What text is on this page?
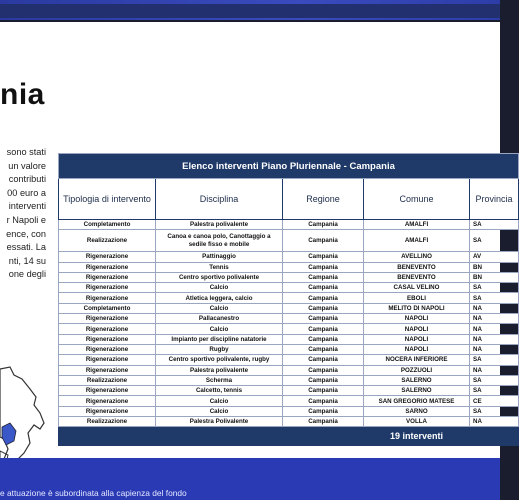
nia
sono stati
un valore
contributi
00 euro a
interventi
r Napoli e
ence, con
essati. La
nti, 14 su
one degli
Elenco interventi Piano Pluriennale - Campania				
Tipologia di intervento	Disciplina	Regione	Comune	Provincia
Completamento	Palestra polivalente	Campania	AMALFI	SA
Realizzazione	Canoa e canoa polo, Canottaggio a sedile fisso e mobile	Campania	AMALFI	SA
Rigenerazione	Pattinaggio	Campania	AVELLINO	AV
Rigenerazione	Tennis	Campania	BENEVENTO	BN
Rigenerazione	Centro sportivo polivalente	Campania	BENEVENTO	BN
Rigenerazione	Calcio	Campania	CASAL VELINO	SA
Rigenerazione	Atletica leggera, calcio	Campania	EBOLI	SA
Completamento	Calcio	Campania	MELITO DI NAPOLI	NA
Rigenerazione	Pallacanestro	Campania	NAPOLI	NA
Rigenerazione	Calcio	Campania	NAPOLI	NA
Rigenerazione	Impianto per discipline natatorie	Campania	NAPOLI	NA
Rigenerazione	Rugby	Campania	NAPOLI	NA
Rigenerazione	Centro sportivo polivalente, rugby	Campania	NOCERA INFERIORE	SA
Rigenerazione	Palestra polivalente	Campania	POZZUOLI	NA
Realizzazione	Scherma	Campania	SALERNO	SA
Rigenerazione	Calcetto, tennis	Campania	SALERNO	SA
Rigenerazione	Calcio	Campania	SAN GREGORIO MATESE	CE
Rigenerazione	Calcio	Campania	SARNO	SA
Realizzazione	Palestra Polivalente	Campania	VOLLA	NA
			19 interventi	
e attuazione è subordinata alla capienza del fondo
